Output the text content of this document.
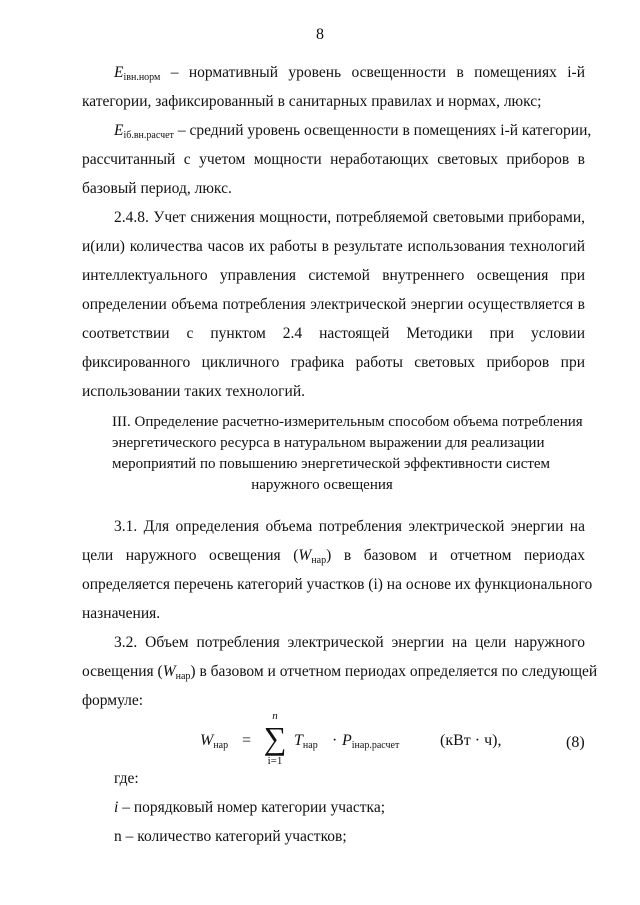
8
$E_{iвн.норм}$ – нормативный уровень освещенности в помещениях i-й
категории, зафиксированный в санитарных правилах и нормах, люкс;
$E_{iб.вн.расчет}$ – средний уровень освещенности в помещениях i-й категории,
рассчитанный с учетом мощности неработающих световых приборов в
базовый период, люкс.
2.4.8. Учет снижения мощности, потребляемой световыми приборами,
и(или) количества часов их работы в результате использования технологий
интеллектуального управления системой внутреннего освещения при
определении объема потребления электрической энергии осуществляется в
соответствии с пунктом 2.4 настоящей Методики при условии
фиксированного цикличного графика работы световых приборов при
использовании таких технологий.
III. Определение расчетно-измерительным способом объема потребления
энергетического ресурса в натуральном выражении для реализации
мероприятий по повышению энергетической эффективности систем
наружного освещения
3.1. Для определения объема потребления электрической энергии на
цели наружного освещения $(W_{нар})$ в базовом и отчетном периодах
определяется перечень категорий участков (i) на основе их функционального
назначения.
3.2. Объем потребления электрической энергии на цели наружного
освещения $(W_{нар})$ в базовом и отчетном периодах определяется по следующей
формуле:
$W_{нар}$ =
n
∑
i=1
$T_{нар} \cdot P_{iнар.расчет}$	(кВт · ч),	(8)
где:
i – порядковый номер категории участка;
n – количество категорий участков;
